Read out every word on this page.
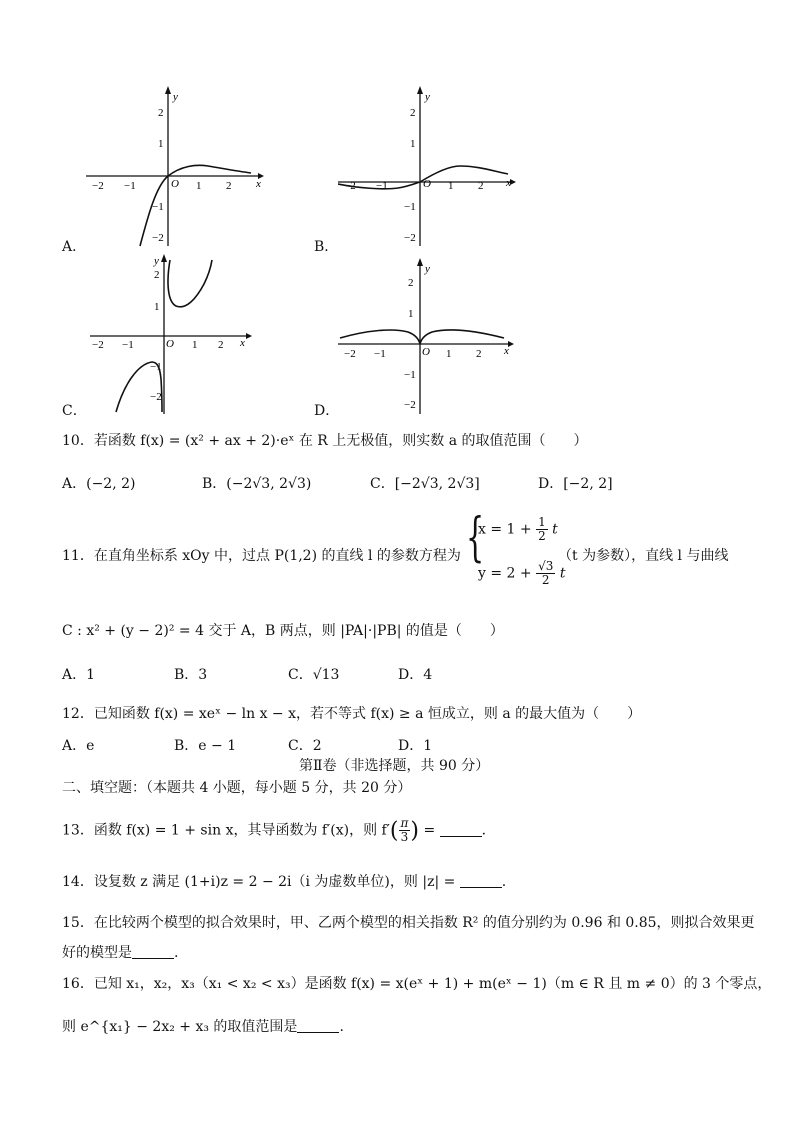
A．
x
y
O
−2 −1	1 2
2
1
−1
−2
B．
x
y
O
−2 −1	1 2
2
1
−1
−2
C．
x
y
O
−2 −1	1 2
2
1
−1
−2
D．
x
y
O
−2 −1	1 2
2
1
−1
−2
10．若函数 f(x) = (x² + ax + 2)·eˣ 在 R 上无极值，则实数 a 的取值范围（　　）
A．(−2, 2)	B．(−2√3, 2√3)	C．[−2√3, 2√3]	D．[−2, 2]
11．在直角坐标系 xOy 中，过点 P(1,2) 的直线 l 的参数方程为 {
$x = 1 + \frac{1}{2}$ t
$y = 2 + \frac{√3}{2}$ t
（t 为参数），直线 l 与曲线
C : x² + (y − 2)² = 4 交于 A，B 两点，则 |PA|·|PB| 的值是（　　）
A．1	B．3	C．√13	D．4
12．已知函数 f(x) = xeˣ − ln x − x，若不等式 f(x) ≥ a 恒成立，则 a 的最大值为（　　）
A．e	B．e − 1	C．2	D．1
第Ⅱ卷（非选择题，共 90 分）
二、填空题：（本题共 4 小题，每小题 5 分，共 20 分）
13．函数 f(x) = 1 + sin x，其导函数为 f′(x)，则 $f'( \frac{\pi}{3}$ ) =	.
14．设复数 z 满足 (1+i)z = 2 − 2i（i 为虚数单位)，则 |z| =	.
15．在比较两个模型的拟合效果时，甲、乙两个模型的相关指数 R² 的值分别约为 0.96 和 0.85，则拟合效果更
好的模型是	.
16．已知 x₁，x₂，x₃（x₁ < x₂ < x₃）是函数 f(x) = x(eˣ + 1) + m(eˣ − 1)（m ∈ R 且 m ≠ 0）的 3 个零点，
则 e^{x₁} − 2x₂ + x₃ 的取值范围是	.
